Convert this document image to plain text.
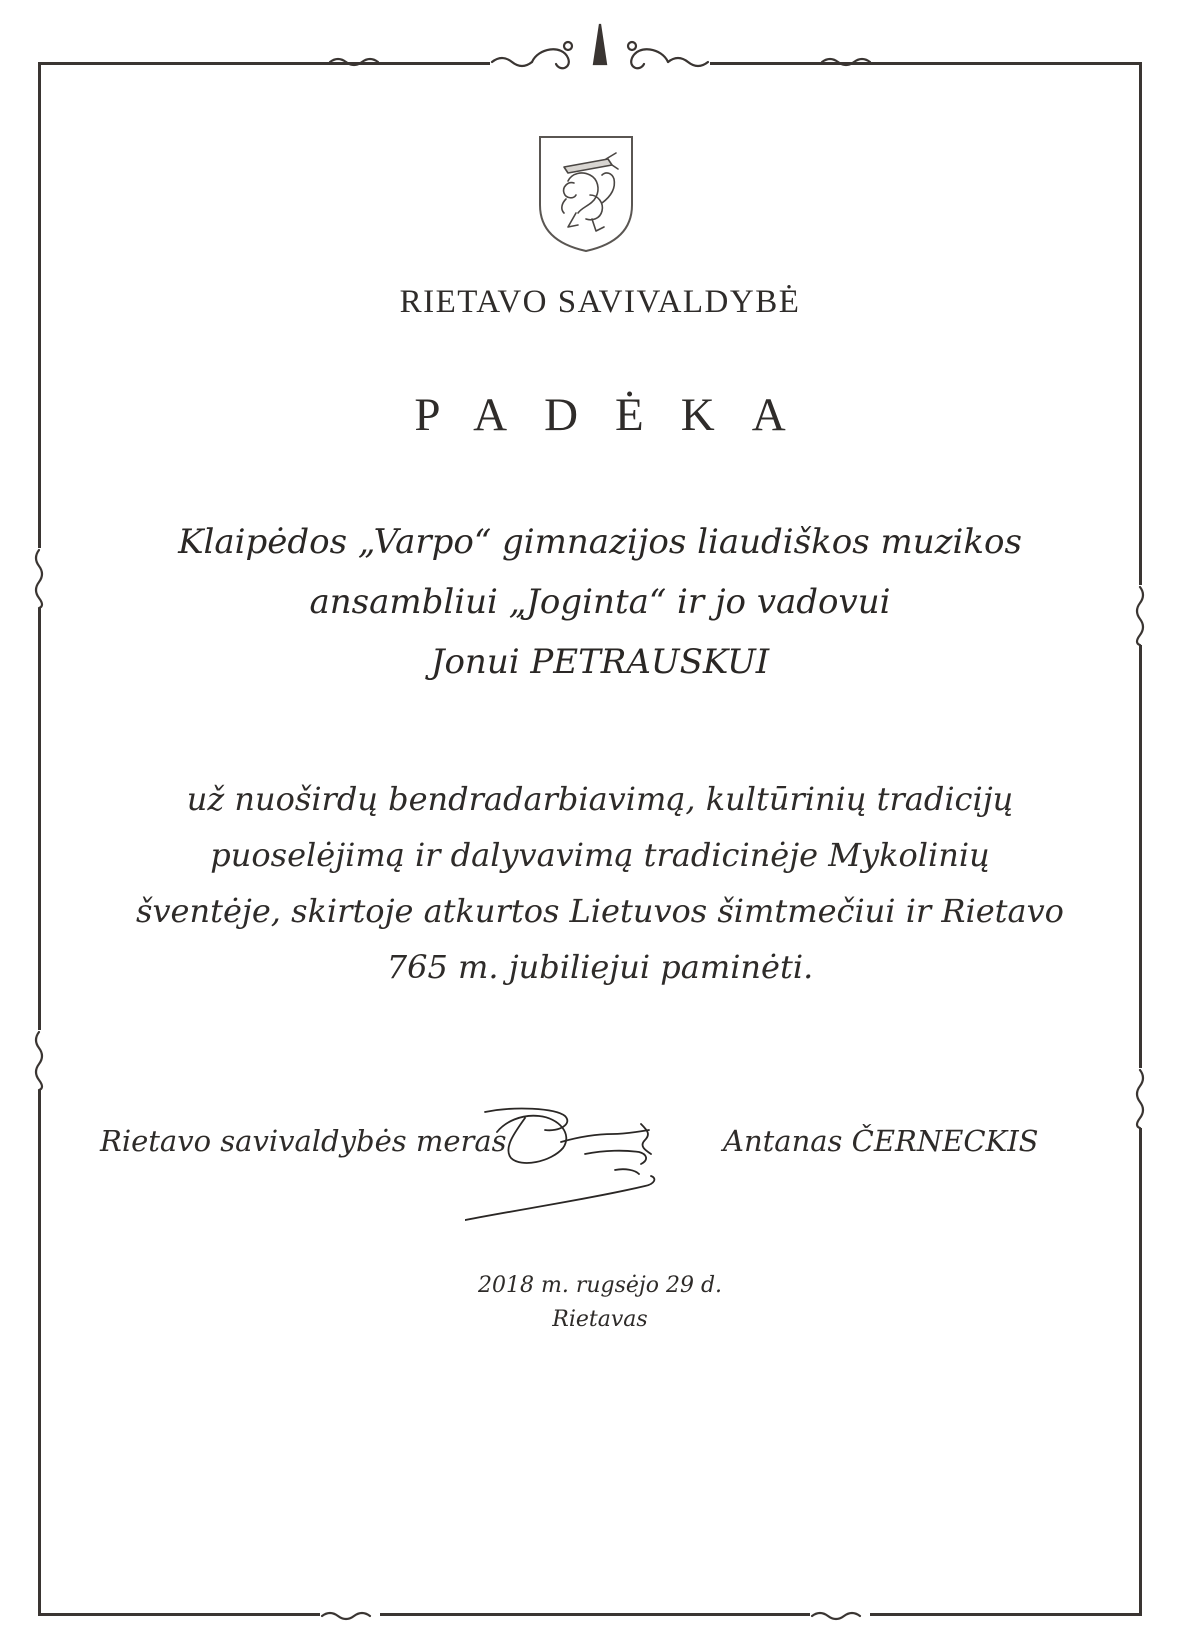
RIETAVO SAVIVALDYBĖ
PADĖKA
Klaipėdos „Varpo“ gimnazijos liaudiškos muzikos
ansambliui „Joginta“ ir jo vadovui
Jonui PETRAUSKUI
už nuoširdų bendradarbiavimą, kultūrinių tradicijų
puoselėjimą ir dalyvavimą tradicinėje Mykolinių
šventėje, skirtoje atkurtos Lietuvos šimtmečiui ir Rietavo
765 m. jubiliejui paminėti.
Rietavo savivaldybės meras	Antanas ČERNECKIS
2018 m. rugsėjo 29 d.
Rietavas
